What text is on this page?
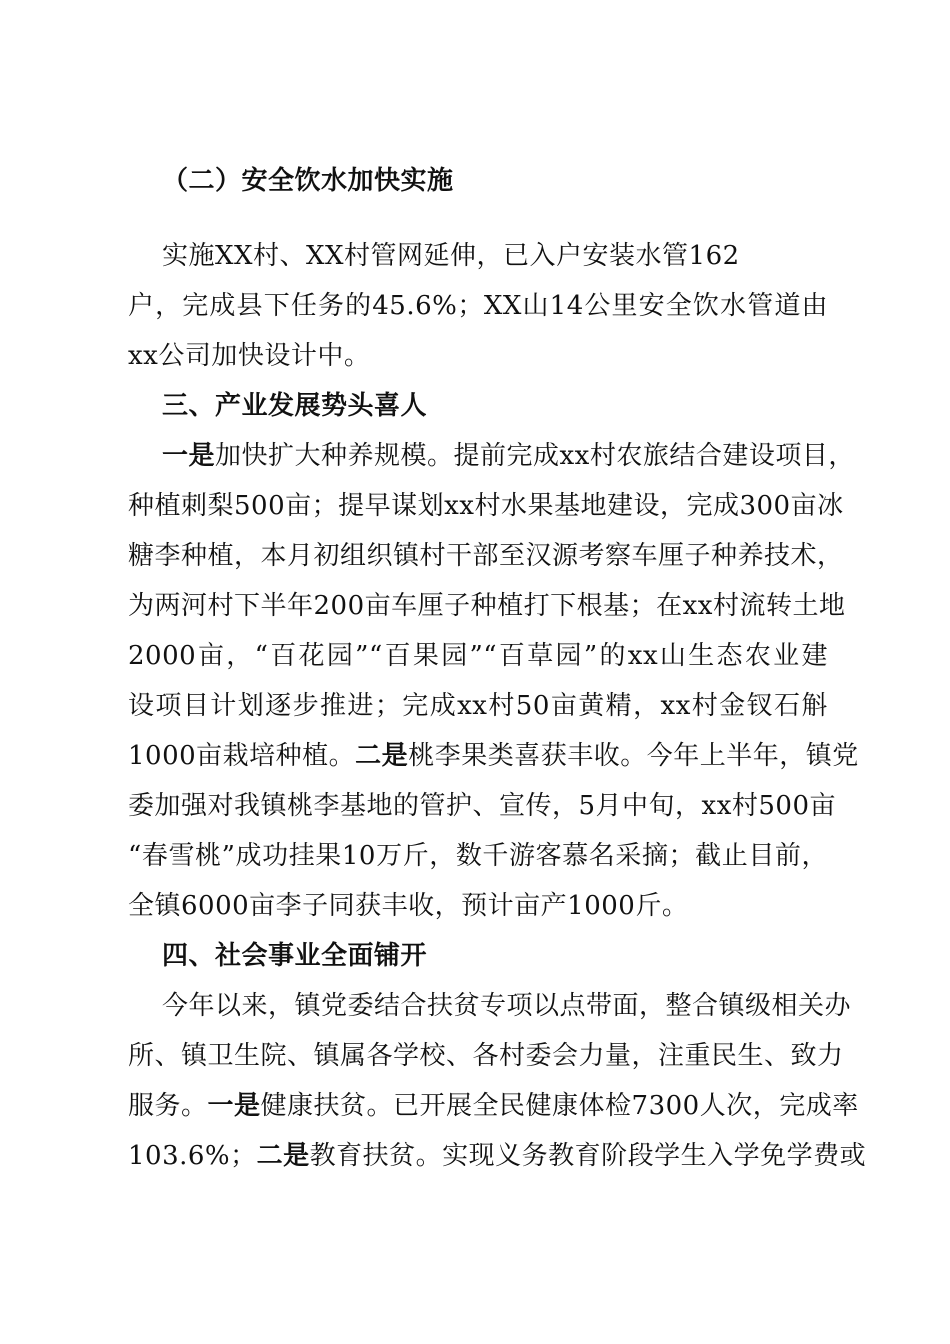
（二）安全饮水加快实施
实施XX村、XX村管网延伸，已入户安装水管162
户，完成县下任务的45.6%；XX山14公里安全饮水管道由
xx公司加快设计中。
三、产业发展势头喜人
一是加快扩大种养规模。提前完成xx村农旅结合建设项目，
种植刺梨500亩；提早谋划xx村水果基地建设，完成300亩冰
糖李种植，本月初组织镇村干部至汉源考察车厘子种养技术，
为两河村下半年200亩车厘子种植打下根基；在xx村流转土地
2000亩，“百花园”“百果园”“百草园”的xx山生态农业建
设项目计划逐步推进；完成xx村50亩黄精，xx村金钗石斛
1000亩栽培种植。二是桃李果类喜获丰收。今年上半年，镇党
委加强对我镇桃李基地的管护、宣传，5月中旬，xx村500亩
“春雪桃”成功挂果10万斤，数千游客慕名采摘；截止目前，
全镇6000亩李子同获丰收，预计亩产1000斤。
四、社会事业全面铺开
今年以来，镇党委结合扶贫专项以点带面，整合镇级相关办
所、镇卫生院、镇属各学校、各村委会力量，注重民生、致力
服务。一是健康扶贫。已开展全民健康体检7300人次，完成率
103.6%；二是教育扶贫。实现义务教育阶段学生入学免学费或
